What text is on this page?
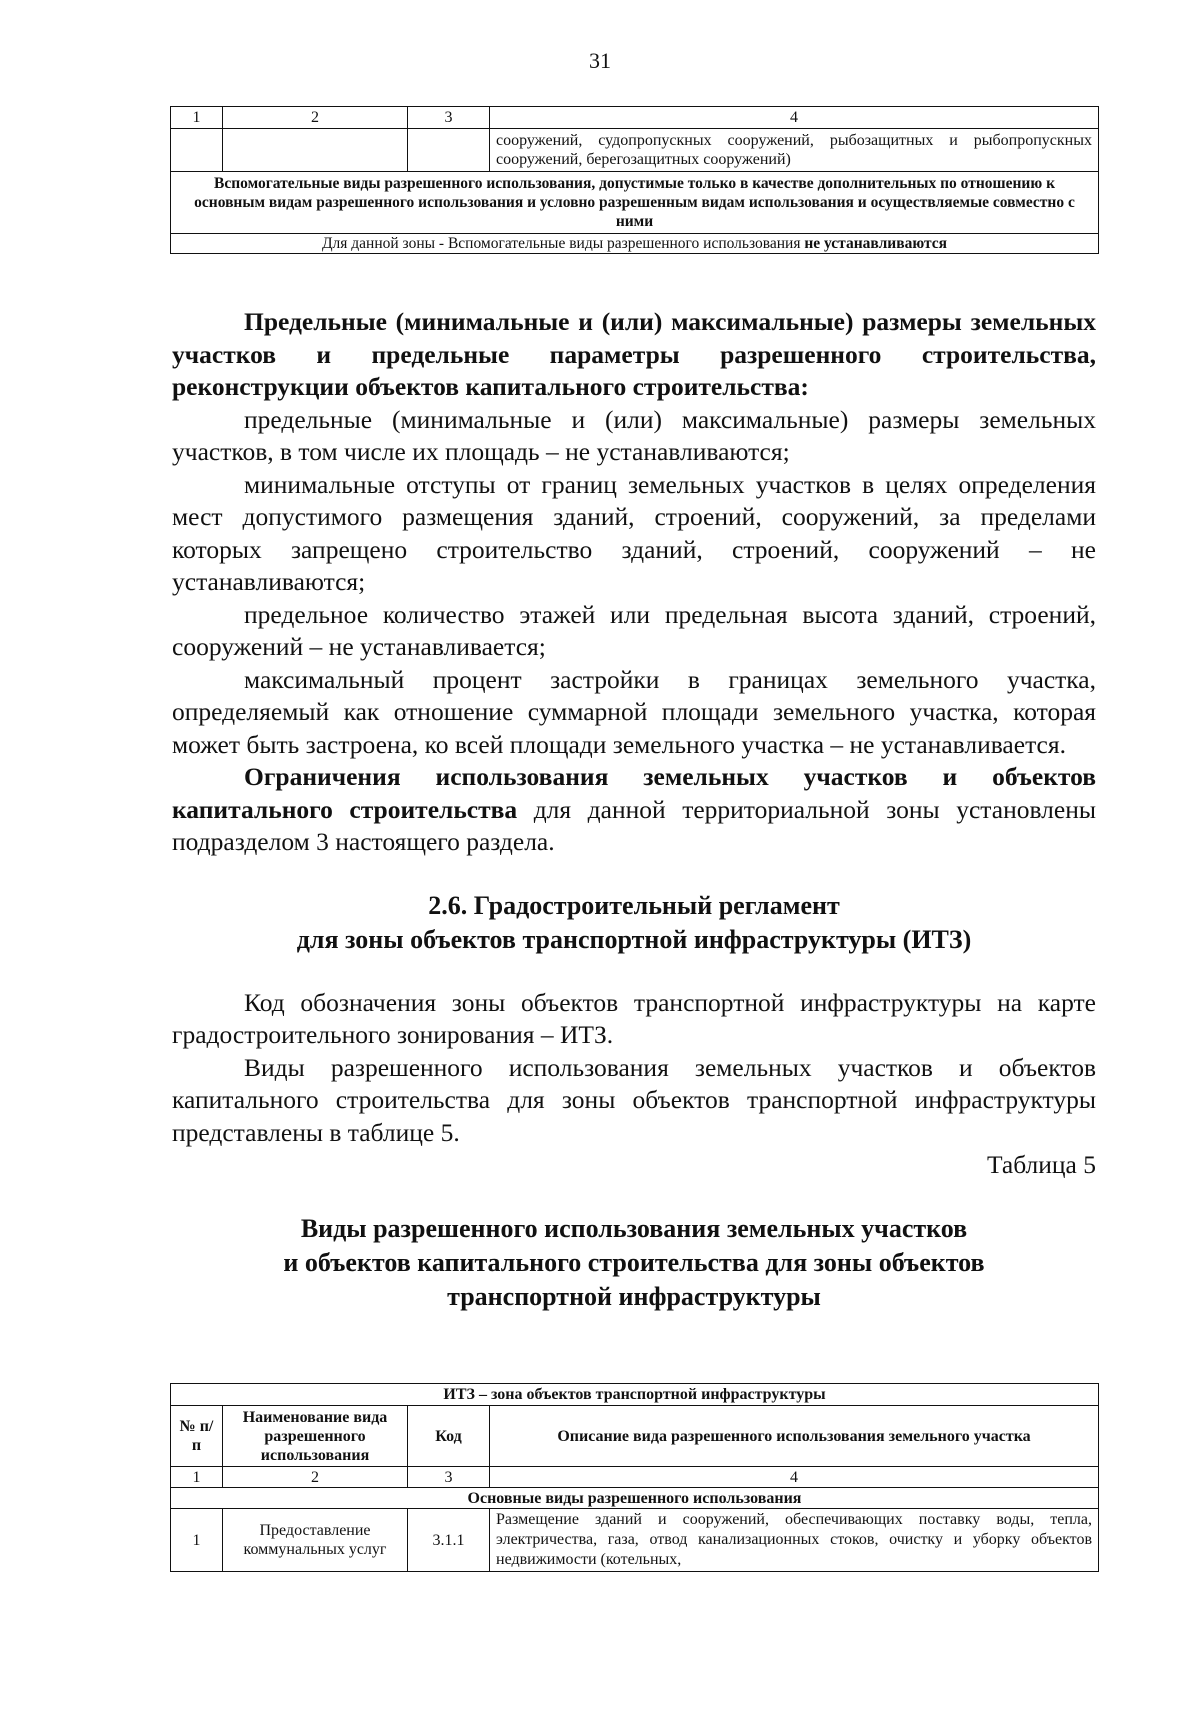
31
1	2	3	4
			сооружений, судопропускных сооружений, рыбозащитных и рыбопропускных сооружений, берегозащитных сооружений)
Вспомогательные виды разрешенного использования, допустимые только в качестве дополнительных по отношению к основным видам разрешенного использования и условно разрешенным видам использования и осуществляемые совместно с ними			
Для данной зоны - Вспомогательные виды разрешенного использования не устанавливаются			

Предельные (минимальные и (или) максимальные) размеры земельных участков и предельные параметры разрешенного строительства, реконструкции объектов капитального строительства:

предельные (минимальные и (или) максимальные) размеры земельных участков, в том числе их площадь – не устанавливаются;

минимальные отступы от границ земельных участков в целях определения мест допустимого размещения зданий, строений, сооружений, за пределами которых запрещено строительство зданий, строений, сооружений – не устанавливаются;

предельное количество этажей или предельная высота зданий, строений, сооружений – не устанавливается;

максимальный процент застройки в границах земельного участка, определяемый как отношение суммарной площади земельного участка, которая может быть застроена, ко всей площади земельного участка – не устанавливается.

Ограничения использования земельных участков и объектов капитального строительства для данной территориальной зоны установлены подразделом 3 настоящего раздела.

2.6. Градостроительный регламент

для зоны объектов транспортной инфраструктуры (ИТЗ)

Код обозначения зоны объектов транспортной инфраструктуры на карте градостроительного зонирования – ИТЗ.

Виды разрешенного использования земельных участков и объектов капитального строительства для зоны объектов транспортной инфраструктуры представлены в таблице 5.

Таблица 5

Виды разрешенного использования земельных участков

и объектов капитального строительства для зоны объектов

транспортной инфраструктуры

ИТЗ – зона объектов транспортной инфраструктуры			
№ п/п	Наименование вида разрешенного использования	Код	Описание вида разрешенного использования земельного участка
1	2	3	4
Основные виды разрешенного использования			
1	Предоставление коммунальных услуг	3.1.1	Размещение зданий и сооружений, обеспечивающих поставку воды, тепла, электричества, газа, отвод канализационных стоков, очистку и уборку объектов недвижимости (котельных,
